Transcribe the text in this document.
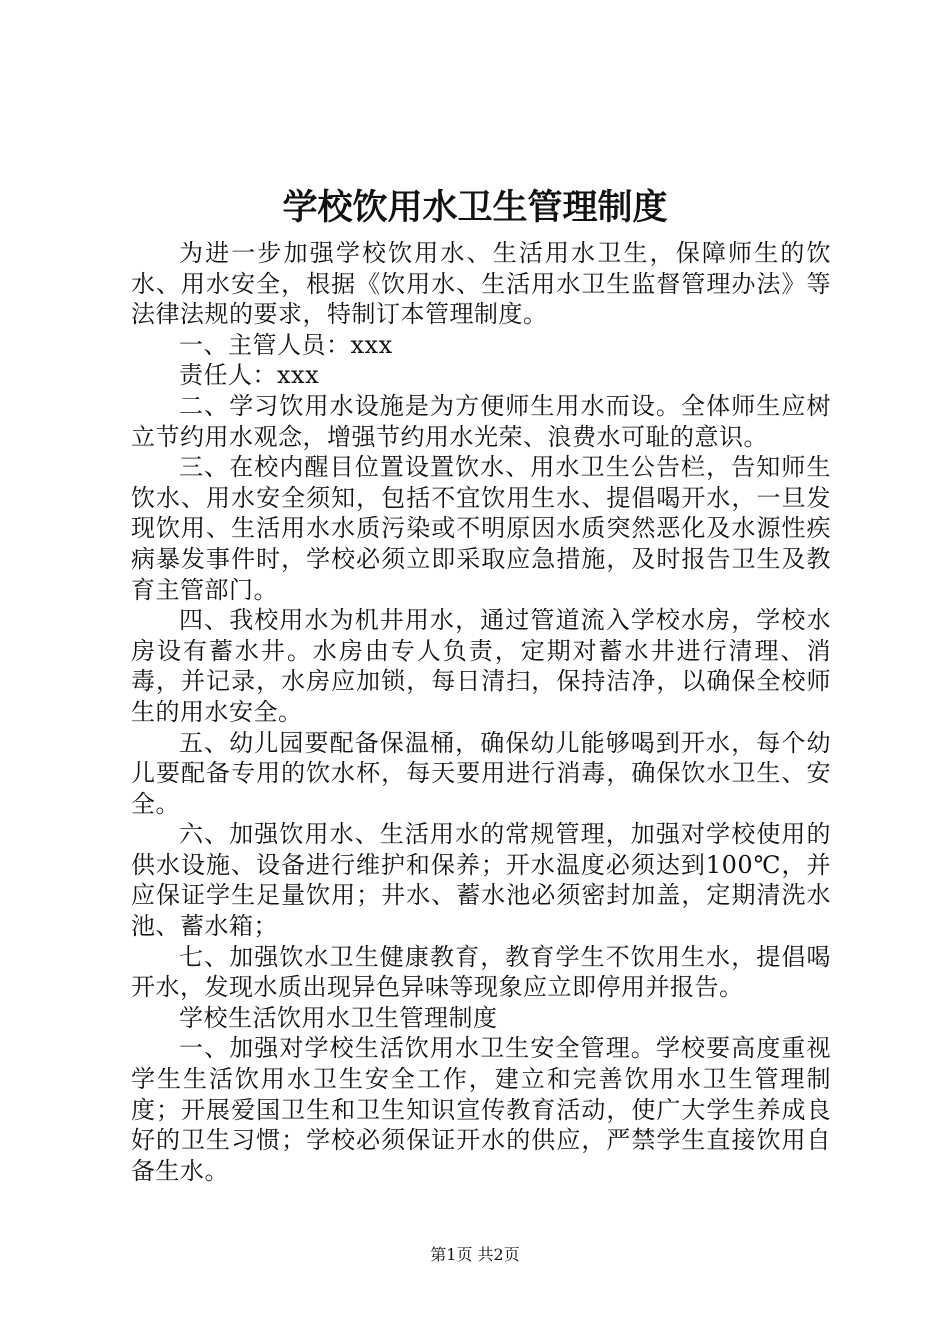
学校饮用水卫生管理制度

为进一步加强学校饮用水、生活用水卫生，保障师生的饮水、用水安全，根据《饮用水、生活用水卫生监督管理办法》等法律法规的要求，特制订本管理制度。

一、主管人员：xxx

责任人：xxx

二、学习饮用水设施是为方便师生用水而设。全体师生应树立节约用水观念，增强节约用水光荣、浪费水可耻的意识。

三、在校内醒目位置设置饮水、用水卫生公告栏，告知师生饮水、用水安全须知，包括不宜饮用生水、提倡喝开水，一旦发现饮用、生活用水水质污染或不明原因水质突然恶化及水源性疾病暴发事件时，学校必须立即采取应急措施，及时报告卫生及教育主管部门。

四、我校用水为机井用水，通过管道流入学校水房，学校水房设有蓄水井。水房由专人负责，定期对蓄水井进行清理、消毒，并记录，水房应加锁，每日清扫，保持洁净，以确保全校师生的用水安全。

五、幼儿园要配备保温桶，确保幼儿能够喝到开水，每个幼儿要配备专用的饮水杯，每天要用进行消毒，确保饮水卫生、安全。

六、加强饮用水、生活用水的常规管理，加强对学校使用的供水设施、设备进行维护和保养；开水温度必须达到100℃，并应保证学生足量饮用；井水、蓄水池必须密封加盖，定期清洗水池、蓄水箱；

七、加强饮水卫生健康教育，教育学生不饮用生水，提倡喝开水，发现水质出现异色异味等现象应立即停用并报告。

学校生活饮用水卫生管理制度

一、加强对学校生活饮用水卫生安全管理。学校要高度重视学生生活饮用水卫生安全工作，建立和完善饮用水卫生管理制度；开展爱国卫生和卫生知识宣传教育活动，使广大学生养成良好的卫生习惯；学校必须保证开水的供应，严禁学生直接饮用自备生水。

第1页 共2页
